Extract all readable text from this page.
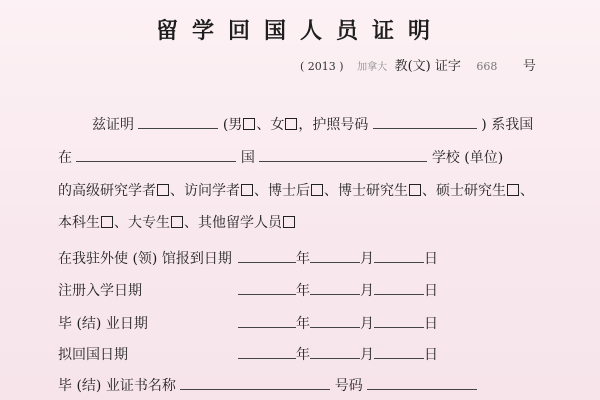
留学回国人员证明
( 2013 ) 加拿大 教(文) 证字 668 号
兹证明	(男 、女 ，护照号码	) 系我国
在	国	学校 (单位)
的高级研究学者 、访问学者 、博士后 、博士研究生 、硕士研究生 、
本科生 、大专生 、其他留学人员
在我驻外使 (领) 馆报到日期	年	月	日
注册入学日期	年	月	日
毕 (结) 业日期	年	月	日
拟回国日期	年	月	日
毕 (结) 业证书名称	号码
